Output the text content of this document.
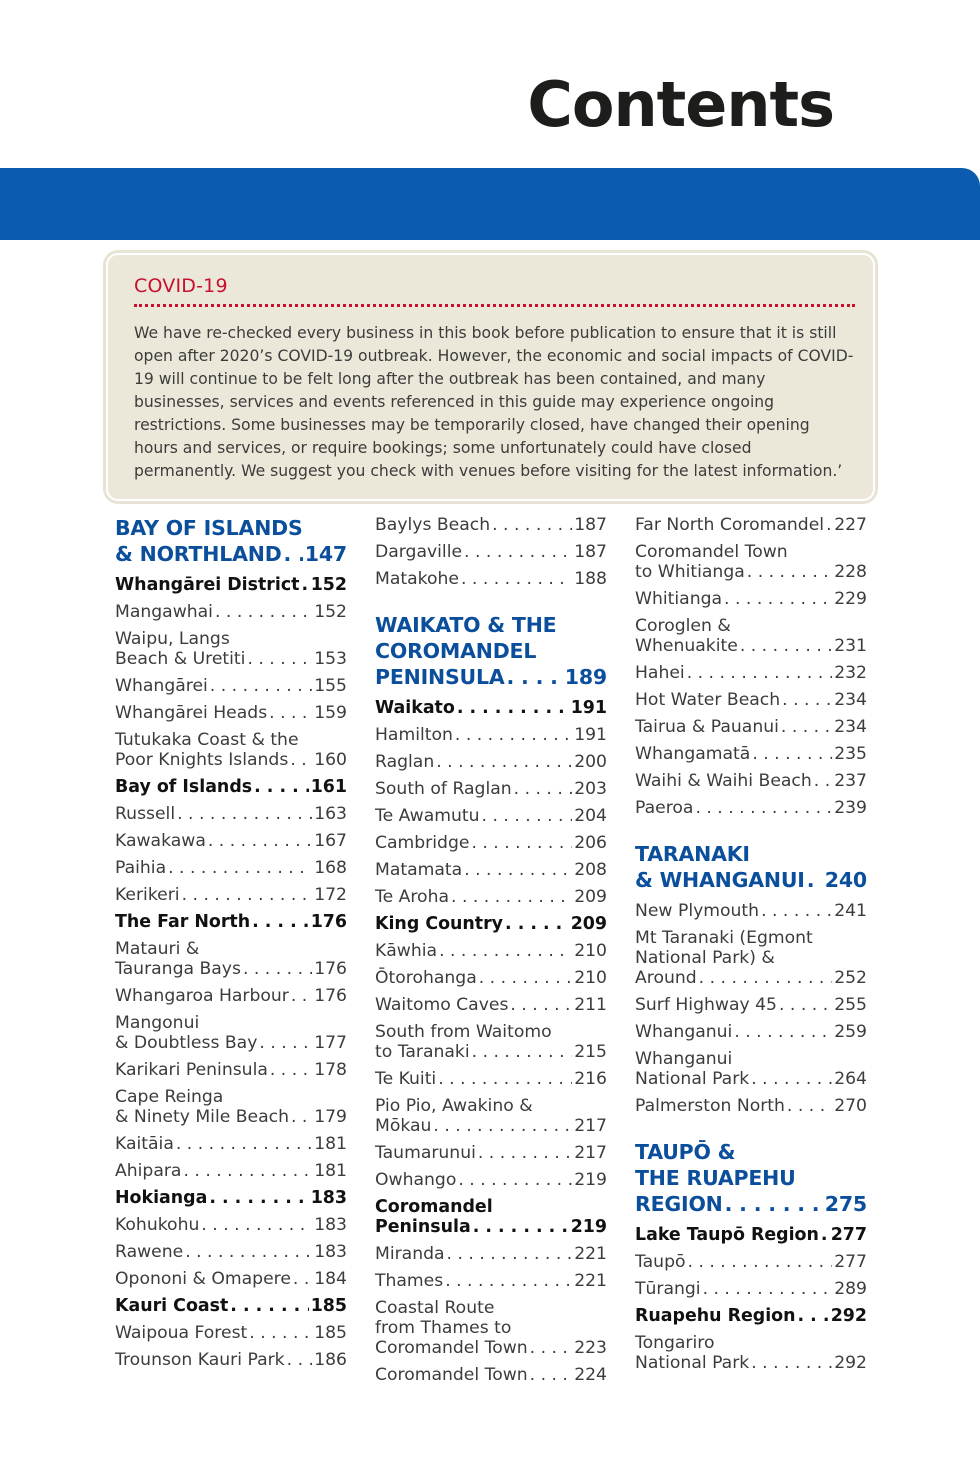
Contents
COVID-19

We have re-checked every business in this book before publication to ensure that it is still open after 2020’s COVID-19 outbreak. However, the economic and social impacts of COVID-19 will continue to be felt long after the outbreak has been contained, and many businesses, services and events referenced in this guide may experience ongoing restrictions. Some businesses may be temporarily closed, have changed their opening hours and services, or require bookings; some unfortunately could have closed permanently. We suggest you check with venues before visiting for the latest information.’

BAY OF ISLANDS
& NORTHLAND . . . 147
Whangārei District . . . 152
Mangawhai . . .	152
Waipu, Langs
Beach & Uretiti . . .	153
Whangārei . . .	155
Whangārei Heads . . .	159
Tutukaka Coast & the
Poor Knights Islands . . . 160
Bay of Islands . . .	161
Russell . . .	163
Kawakawa . . .	167
Paihia . . .	168
Kerikeri . . .	172
The Far North . . .	176
Matauri &
Tauranga Bays . . .	176
Whangaroa Harbour . . . 176
Mangonui
& Doubtless Bay . . .	177
Karikari Peninsula . . .	178
Cape Reinga
& Ninety Mile Beach . . . 179
Kaitāia . . .	181
Ahipara . . .	181
Hokianga . . .	183
Kohukohu . . .	183
Rawene . . .	183
Opononi & Omapere . . . 184
Kauri Coast . . .	185
Waipoua Forest . . .	185
Trounson Kauri Park . . . 186
Baylys Beach . . .	187
Dargaville . . .	187
Matakohe . . .	188
WAIKATO & THE
COROMANDEL
PENINSULA . . .	189
Waikato . . .	191
Hamilton . . .	191
Raglan . . .	200
South of Raglan . . .	203
Te Awamutu . . .	204
Cambridge . . .	206
Matamata . . .	208
Te Aroha . . .	209
King Country . . .	209
Kāwhia . . .	210
Ōtorohanga . . .	210
Waitomo Caves . . .	211
South from Waitomo
to Taranaki . . .	215
Te Kuiti . . .	216
Pio Pio, Awakino &
Mōkau . . .	217
Taumarunui . . .	217
Owhango . . .	219
Coromandel
Peninsula . . .	219
Miranda . . .	221
Thames . . .	221
Coastal Route
from Thames to
Coromandel Town . . .	223
Coromandel Town . . .	224
Far North Coromandel . . . 227
Coromandel Town
to Whitianga . . .	228
Whitianga . . .	229
Coroglen &
Whenuakite . . .	231
Hahei . . .	232
Hot Water Beach . . .	234
Tairua & Pauanui . . .	234
Whangamatā . . .	235
Waihi & Waihi Beach . . . 237
Paeroa . . .	239
TARANAKI
& WHANGANUI . . . 240
New Plymouth . . .	241
Mt Taranaki (Egmont
National Park) &
Around . . .	252
Surf Highway 45 . . .	255
Whanganui . . .	259
Whanganui
National Park . . .	264
Palmerston North . . .	270
TAUPŌ &
THE RUAPEHU
REGION . . .	275
Lake Taupō Region . . . 277
Taupō . . .	277
Tūrangi . . .	289
Ruapehu Region . . . 292
Tongariro
National Park . . .	292
